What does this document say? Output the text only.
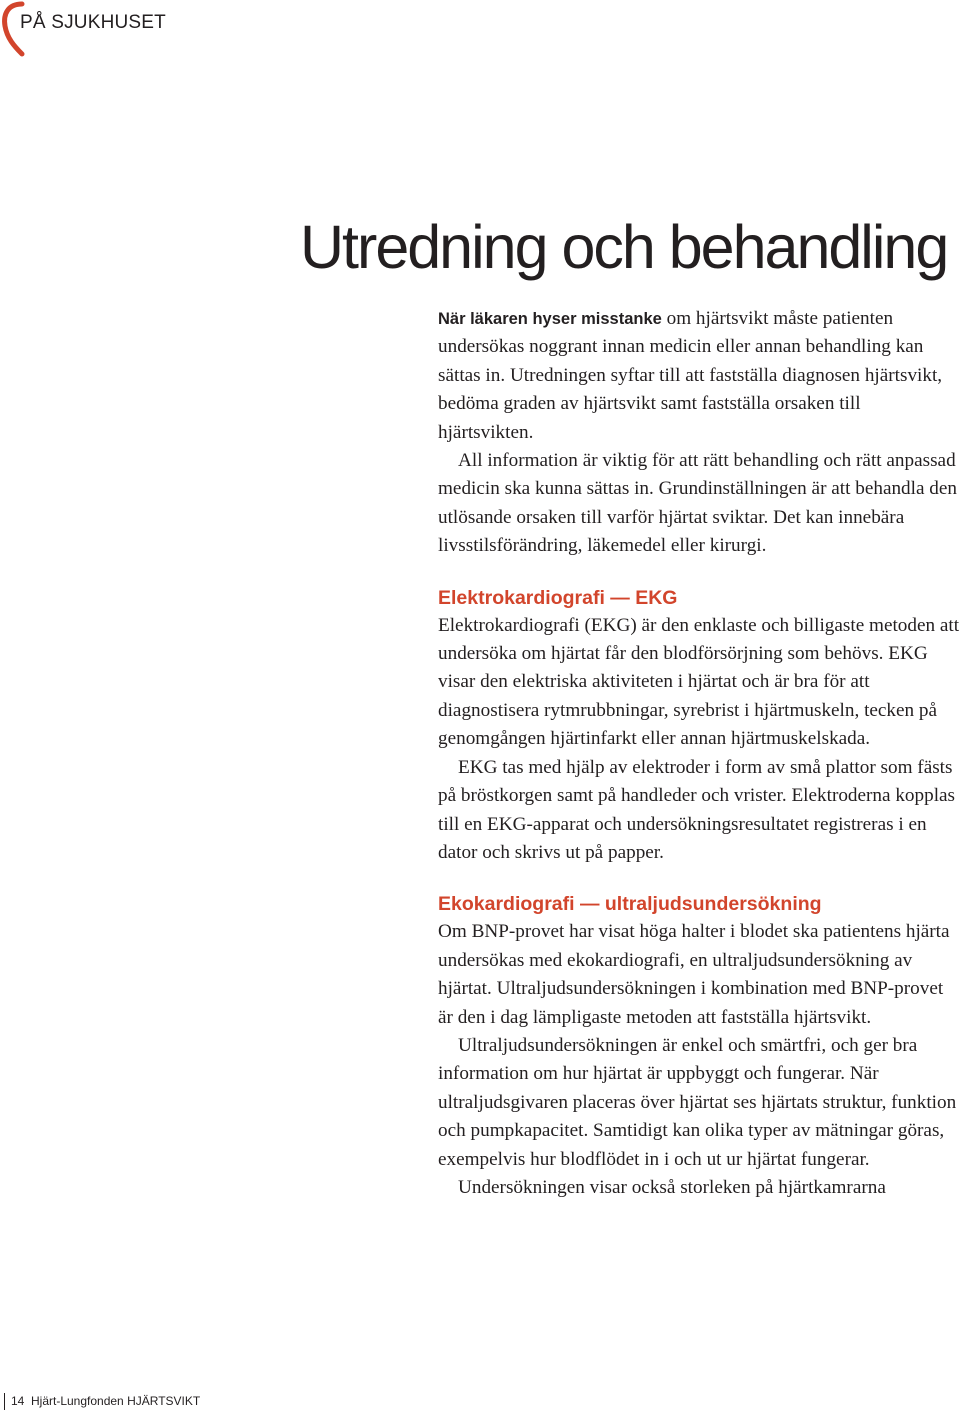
PÅ SJUKHUSET
Utredning och behandling

När läkaren hyser misstanke om hjärtsvikt måste patienten undersökas noggrant innan medicin eller annan behandling kan sättas in. Utredningen syftar till att fastställa diagnosen hjärtsvikt, bedöma graden av hjärtsvikt samt fastställa orsaken till hjärtsvikten.

All information är viktig för att rätt behandling och rätt anpassad medicin ska kunna sättas in. Grundinställningen är att behandla den utlösande orsaken till varför hjärtat sviktar. Det kan innebära livsstilsförändring, läkemedel eller kirurgi.

Elektrokardiografi — EKG

Elektrokardiografi (EKG) är den enklaste och billigaste metoden att undersöka om hjärtat får den blodförsörjning som behövs. EKG visar den elektriska aktiviteten i hjärtat och är bra för att diagnostisera rytmrubbningar, syrebrist i hjärtmuskeln, tecken på genomgången hjärtinfarkt eller annan hjärtmuskelskada.

EKG tas med hjälp av elektroder i form av små plattor som fästs på bröstkorgen samt på handleder och vrister. Elektroderna kopplas till en EKG-apparat och undersökningsresultatet registreras i en dator och skrivs ut på papper.

Ekokardiografi — ultraljudsundersökning

Om BNP-provet har visat höga halter i blodet ska patientens hjärta undersökas med ekokardiografi, en ultraljudsundersökning av hjärtat. Ultraljudsundersökningen i kombination med BNP-provet är den i dag lämpligaste metoden att fastställa hjärtsvikt.

Ultraljudsundersökningen är enkel och smärtfri, och ger bra information om hur hjärtat är uppbyggt och fungerar. När ultraljudsgivaren placeras över hjärtat ses hjärtats struktur, funktion och pumpkapacitet. Samtidigt kan olika typer av mätningar göras, exempelvis hur blodflödet in i och ut ur hjärtat fungerar.

Undersökningen visar också storleken på hjärtkamrarna

14 Hjärt-Lungfonden HJÄRTSVIKT
